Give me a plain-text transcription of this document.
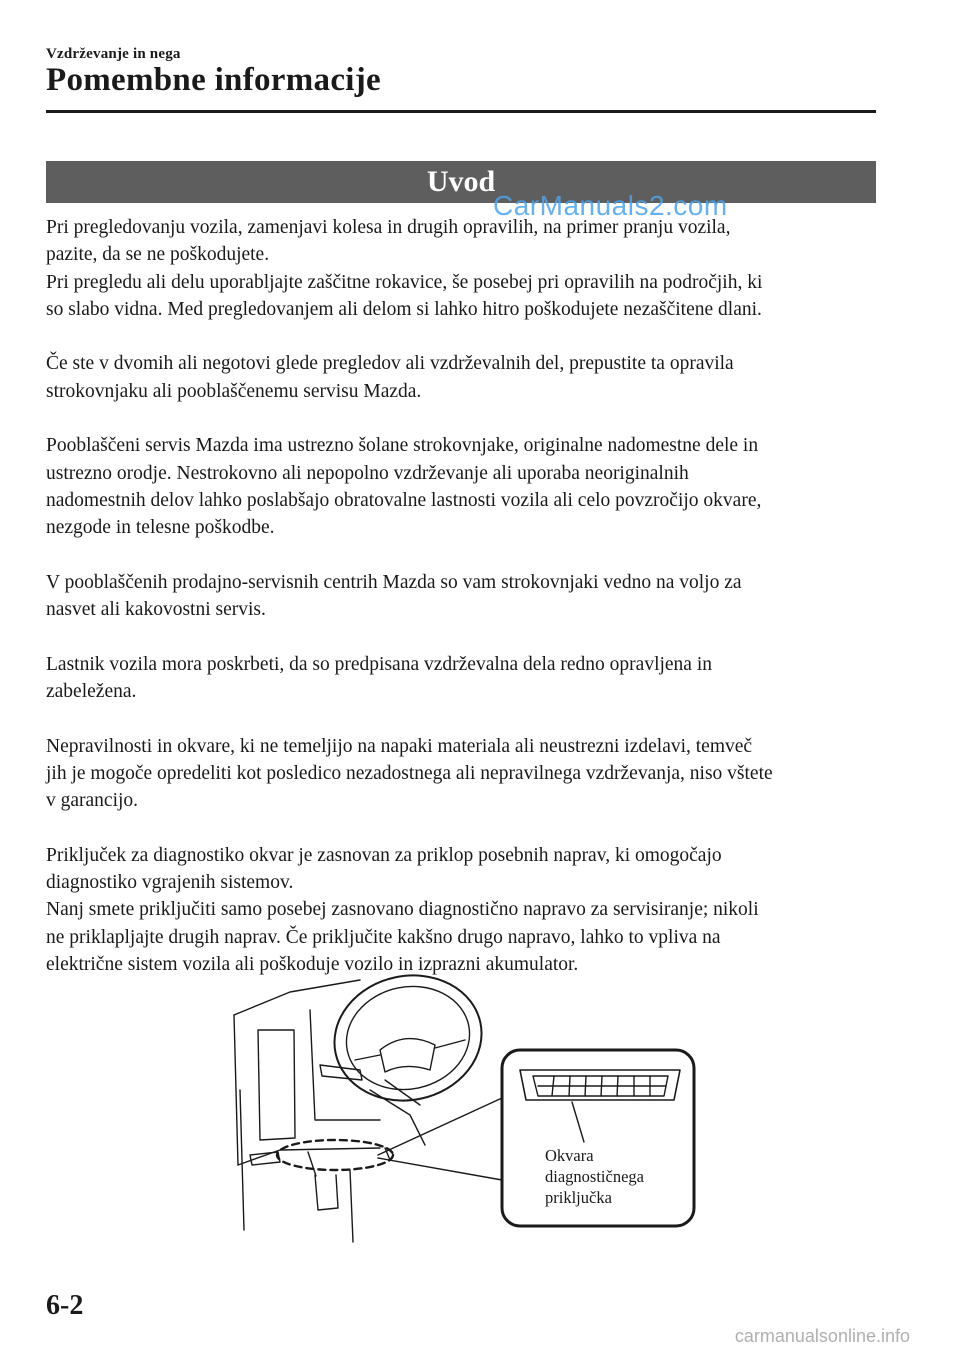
Vzdrževanje in nega
Pomembne informacije
Uvod
CarManuals2.com

Pri pregledovanju vozila, zamenjavi kolesa in drugih opravilih, na primer pranju vozila,
pazite, da se ne poškodujete.
Pri pregledu ali delu uporabljajte zaščitne rokavice, še posebej pri opravilih na področjih, ki
so slabo vidna. Med pregledovanjem ali delom si lahko hitro poškodujete nezaščitene dlani.

Če ste v dvomih ali negotovi glede pregledov ali vzdrževalnih del, prepustite ta opravila
strokovnjaku ali pooblaščenemu servisu Mazda.

Pooblaščeni servis Mazda ima ustrezno šolane strokovnjake, originalne nadomestne dele in
ustrezno orodje. Nestrokovno ali nepopolno vzdrževanje ali uporaba neoriginalnih
nadomestnih delov lahko poslabšajo obratovalne lastnosti vozila ali celo povzročijo okvare,
nezgode in telesne poškodbe.

V pooblaščenih prodajno-servisnih centrih Mazda so vam strokovnjaki vedno na voljo za
nasvet ali kakovostni servis.

Lastnik vozila mora poskrbeti, da so predpisana vzdrževalna dela redno opravljena in
zabeležena.

Nepravilnosti in okvare, ki ne temeljijo na napaki materiala ali neustrezni izdelavi, temveč
jih je mogoče opredeliti kot posledico nezadostnega ali nepravilnega vzdrževanja, niso vštete
v garancijo.

Priključek za diagnostiko okvar je zasnovan za priklop posebnih naprav, ki omogočajo
diagnostiko vgrajenih sistemov.
Nanj smete priključiti samo posebej zasnovano diagnostično napravo za servisiranje; nikoli
ne priklapljajte drugih naprav. Če priključite kakšno drugo napravo, lahko to vpliva na
električne sistem vozila ali poškoduje vozilo in izprazni akumulator.

Okvara
diagnostičnega
priključka
6-2
carmanualsonline.info
